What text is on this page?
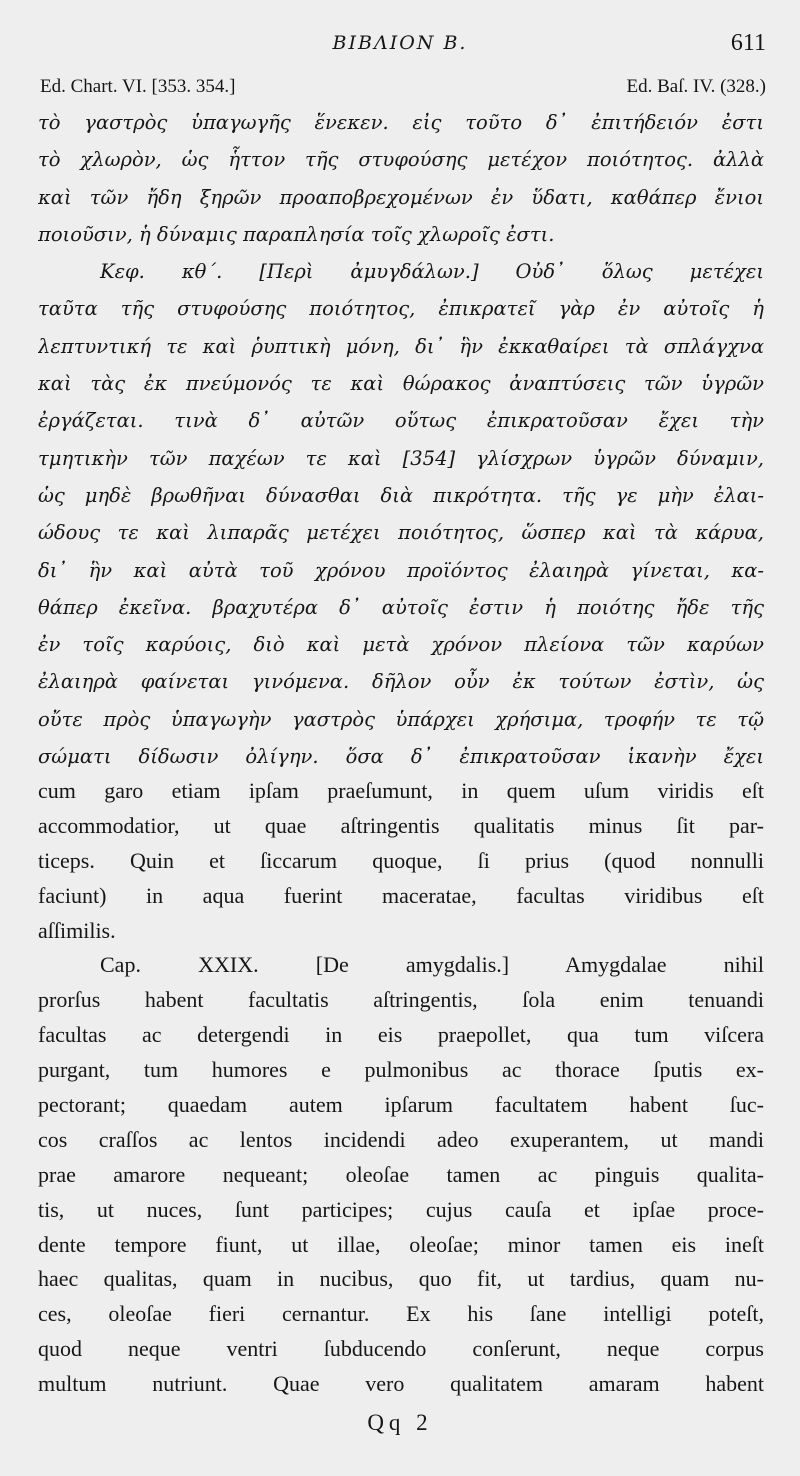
ΒΙΒΛΙΟΝ Β.	611
Ed. Chart. VI. [353. 354.]	Ed. Baſ. IV. (328.)
τὸ γαστρὸς ὑπαγωγῆς ἕνεκεν. εἰς τοῦτο δ᾽ ἐπιτήδειόν ἐστι
τὸ χλωρὸν, ὡς ἧττον τῆς στυφούσης μετέχον ποιότητος. ἀλλὰ
καὶ τῶν ἤδη ξηρῶν προαποβρεχομένων ἐν ὕδατι, καθάπερ ἔνιοι
ποιοῦσιν, ἡ δύναμις παραπλησία τοῖς χλωροῖς ἐστι.
Κεφ. κθ΄. [Περὶ ἀμυγδάλων.] Οὐδ᾽ ὅλως μετέχει
ταῦτα τῆς στυφούσης ποιότητος, ἐπικρατεῖ γὰρ ἐν αὐτοῖς ἡ
λεπτυντική τε καὶ ῥυπτικὴ μόνη, δι᾽ ἣν ἐκκαθαίρει τὰ σπλάγχνα
καὶ τὰς ἐκ πνεύμονός τε καὶ θώρακος ἀναπτύσεις τῶν ὑγρῶν
ἐργάζεται. τινὰ δ᾽ αὐτῶν οὕτως ἐπικρατοῦσαν ἔχει τὴν
τμητικὴν τῶν παχέων τε καὶ [354] γλίσχρων ὑγρῶν δύναμιν,
ὡς μηδὲ βρωθῆναι δύνασθαι διὰ πικρότητα. τῆς γε μὴν ἐλαι-
ώδους τε καὶ λιπαρᾶς μετέχει ποιότητος, ὥσπερ καὶ τὰ κάρυα,
δι᾽ ἣν καὶ αὐτὰ τοῦ χρόνου προϊόντος ἐλαιηρὰ γίνεται, κα-
θάπερ ἐκεῖνα. βραχυτέρα δ᾽ αὐτοῖς ἐστιν ἡ ποιότης ἤδε τῆς
ἐν τοῖς καρύοις, διὸ καὶ μετὰ χρόνον πλείονα τῶν καρύων
ἐλαιηρὰ φαίνεται γινόμενα. δῆλον οὖν ἐκ τούτων ἐστὶν, ὡς
οὔτε πρὸς ὑπαγωγὴν γαστρὸς ὑπάρχει χρήσιμα, τροφήν τε τῷ
σώματι δίδωσιν ὀλίγην. ὅσα δ᾽ ἐπικρατοῦσαν ἱκανὴν ἔχει
cum garo etiam ipſam praeſumunt, in quem uſum viridis eſt
accommodatior, ut quae aſtringentis qualitatis minus ſit par-
ticeps. Quin et ſiccarum quoque, ſi prius (quod nonnulli
faciunt) in aqua fuerint maceratae, facultas viridibus eſt
aſſimilis.
Cap. XXIX. [De amygdalis.] Amygdalae nihil
prorſus habent facultatis aſtringentis, ſola enim tenuandi
facultas ac detergendi in eis praepollet, qua tum viſcera
purgant, tum humores e pulmonibus ac thorace ſputis ex-
pectorant; quaedam autem ipſarum facultatem habent ſuc-
cos craſſos ac lentos incidendi adeo exuperantem, ut mandi
prae amarore nequeant; oleoſae tamen ac pinguis qualita-
tis, ut nuces, ſunt participes; cujus cauſa et ipſae proce-
dente tempore fiunt, ut illae, oleoſae; minor tamen eis ineſt
haec qualitas, quam in nucibus, quo fit, ut tardius, quam nu-
ces, oleoſae fieri cernantur. Ex his ſane intelligi poteſt,
quod neque ventri ſubducendo conſerunt, neque corpus
multum nutriunt. Quae vero qualitatem amaram habent
Qq 2
